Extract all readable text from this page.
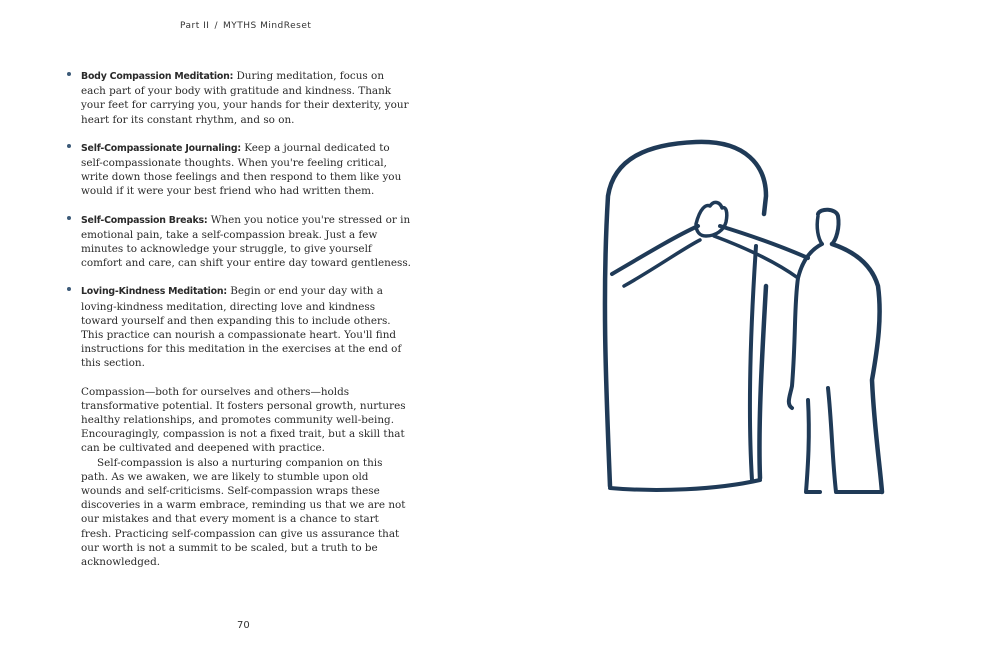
Part II / MYTHS MindReset
Body Compassion Meditation: During meditation, focus on each part of your body with gratitude and kindness. Thank your feet for carrying you, your hands for their dexterity, your heart for its constant rhythm, and so on.
Self-Compassionate Journaling: Keep a journal dedicated to self-compassionate thoughts. When you're feeling critical, write down those feelings and then respond to them like you would if it were your best friend who had written them.
Self-Compassion Breaks: When you notice you're stressed or in emotional pain, take a self-compassion break. Just a few minutes to acknowledge your struggle, to give yourself comfort and care, can shift your entire day toward gentleness.
Loving-Kindness Meditation: Begin or end your day with a loving-kindness meditation, directing love and kindness toward yourself and then expanding this to include others. This practice can nourish a compassionate heart. You'll find instructions for this meditation in the exercises at the end of this section.

Compassion—both for ourselves and others—holds transformative potential. It fosters personal growth, nurtures healthy relationships, and promotes community well-being. Encouragingly, compassion is not a fixed trait, but a skill that can be cultivated and deepened with practice.

Self-compassion is also a nurturing companion on this path. As we awaken, we are likely to stumble upon old wounds and self-criticisms. Self-compassion wraps these discoveries in a warm embrace, reminding us that we are not our mistakes and that every moment is a chance to start fresh. Practicing self-compassion can give us assurance that our worth is not a summit to be scaled, but a truth to be acknowledged.

70
